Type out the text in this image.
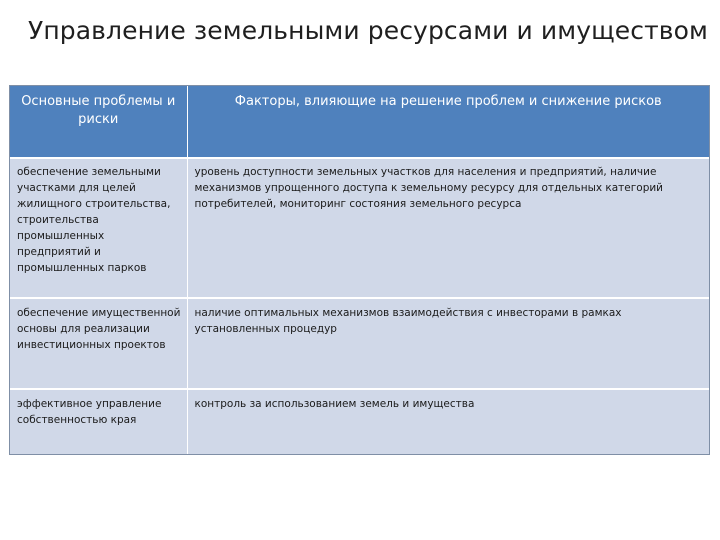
Управление земельными ресурсами и имуществом
Основные проблемы и риски	Факторы, влияющие на решение проблем и снижение рисков
обеспечение земельными участками для целей жилищного строительства, строительства промышленных предприятий и промышленных парков	уровень доступности земельных участков для населения и предприятий, наличие механизмов упрощенного доступа к земельному ресурсу для отдельных категорий потребителей, мониторинг состояния земельного ресурса
обеспечение имущественной основы для реализации инвестиционных проектов	наличие оптимальных механизмов взаимодействия с инвесторами в рамках установленных процедур
эффективное управление собственностью края	контроль за использованием земель и имущества
